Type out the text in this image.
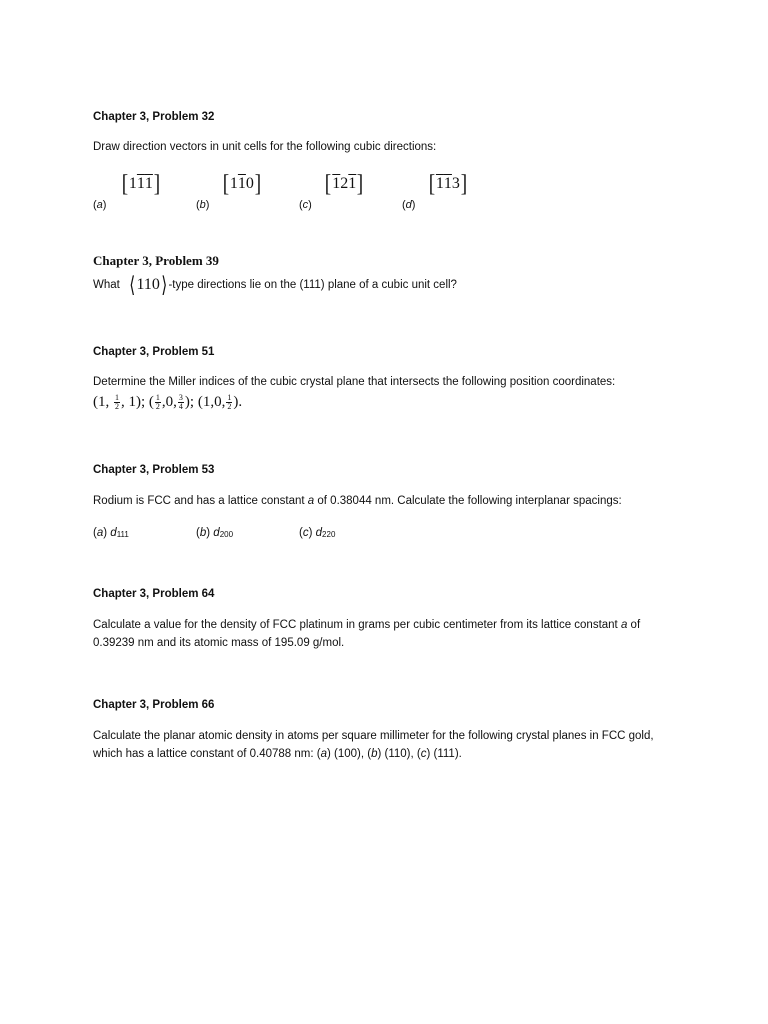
Chapter 3, Problem 32
Draw direction vectors in unit cells for the following cubic directions:
$_{(a)}$
[ 1 1 1 ]
$_{(b)}$
[ 1 1 0 ]
$_{(c)}$
[ 1 2 1 ]
$_{(d)}$
[ 1 1 3 ]
Chapter 3, Problem 39
What ⟨ 110 ⟩ -type directions lie on the (111) plane of a cubic unit cell?
Chapter 3, Problem 51
Determine the Miller indices of the cubic crystal plane that intersects the following position coordinates:
(1, $\frac{1}{2}$ , 1); ( $\frac{1}{2} ,0$, $\frac{3}{4}$ ); (1,0, $\frac{1}{2}$ ).
Chapter 3, Problem 53
Rodium is FCC and has a lattice constant a of 0.38044 nm. Calculate the following interplanar spacings:
(a) d111	(b) d200	(c) d220
Chapter 3, Problem 64
Calculate a value for the density of FCC platinum in grams per cubic centimeter from its lattice constant a of
0.39239 nm and its atomic mass of 195.09 g/mol.
Chapter 3, Problem 66
Calculate the planar atomic density in atoms per square millimeter for the following crystal planes in FCC gold,
which has a lattice constant of 0.40788 nm: (a) (100), (b) (110), (c) (111).
